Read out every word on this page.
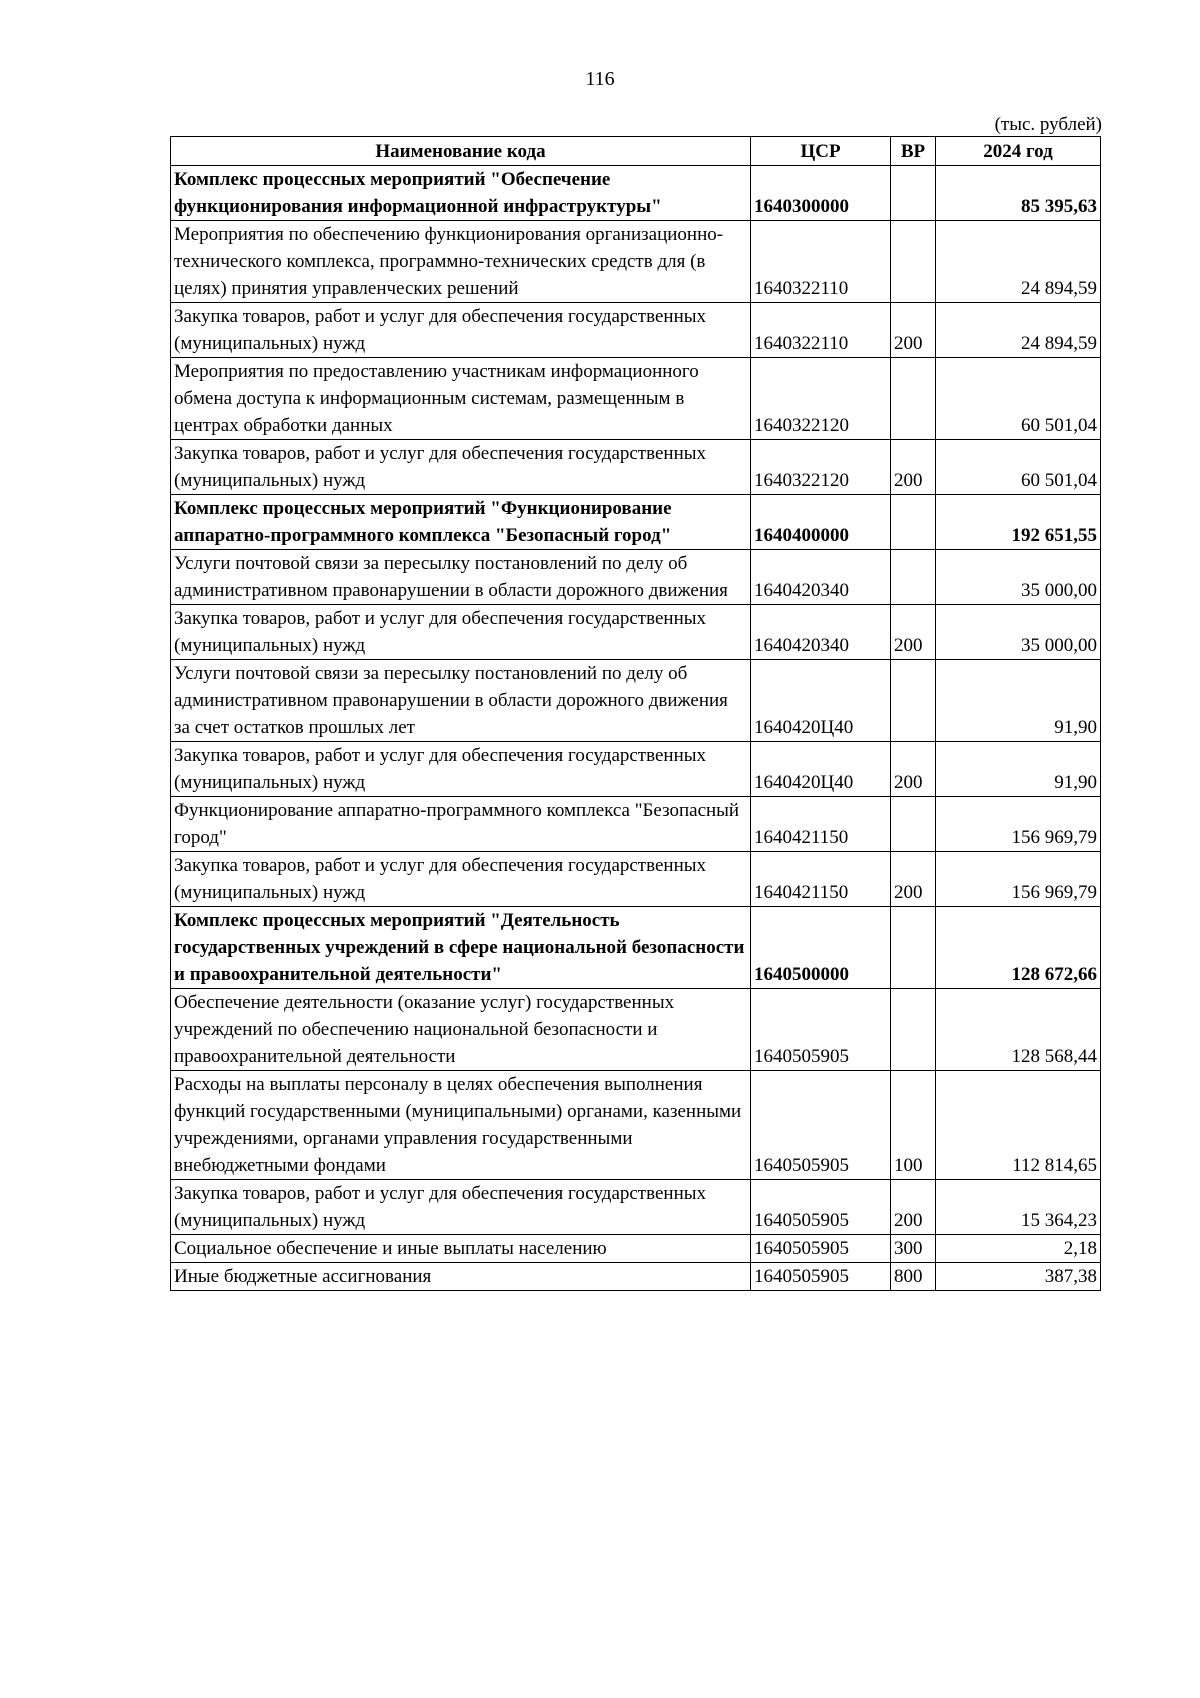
116
(тыс. рублей)
Наименование кода	ЦСР	ВР	2024 год
Комплекс процессных мероприятий "Обеспечение функционирования информационной инфраструктуры"	1640300000		85 395,63
Мероприятия по обеспечению функционирования организационно-технического комплекса, программно-технических средств для (в целях) принятия управленческих решений	1640322110		24 894,59
Закупка товаров, работ и услуг для обеспечения государственных (муниципальных) нужд	1640322110	200	24 894,59
Мероприятия по предоставлению участникам информационного обмена доступа к информационным системам, размещенным в центрах обработки данных	1640322120		60 501,04
Закупка товаров, работ и услуг для обеспечения государственных (муниципальных) нужд	1640322120	200	60 501,04
Комплекс процессных мероприятий "Функционирование аппаратно-программного комплекса "Безопасный город"	1640400000		192 651,55
Услуги почтовой связи за пересылку постановлений по делу об административном правонарушении в области дорожного движения	1640420340		35 000,00
Закупка товаров, работ и услуг для обеспечения государственных (муниципальных) нужд	1640420340	200	35 000,00
Услуги почтовой связи за пересылку постановлений по делу об административном правонарушении в области дорожного движения за счет остатков прошлых лет	1640420Ц40		91,90
Закупка товаров, работ и услуг для обеспечения государственных (муниципальных) нужд	1640420Ц40	200	91,90
Функционирование аппаратно-программного комплекса "Безопасный город"	1640421150		156 969,79
Закупка товаров, работ и услуг для обеспечения государственных (муниципальных) нужд	1640421150	200	156 969,79
Комплекс процессных мероприятий "Деятельность государственных учреждений в сфере национальной безопасности и правоохранительной деятельности"	1640500000		128 672,66
Обеспечение деятельности (оказание услуг) государственных учреждений по обеспечению национальной безопасности и правоохранительной деятельности	1640505905		128 568,44
Расходы на выплаты персоналу в целях обеспечения выполнения функций государственными (муниципальными) органами, казенными учреждениями, органами управления государственными внебюджетными фондами	1640505905	100	112 814,65
Закупка товаров, работ и услуг для обеспечения государственных (муниципальных) нужд	1640505905	200	15 364,23
Социальное обеспечение и иные выплаты населению	1640505905	300	2,18
Иные бюджетные ассигнования	1640505905	800	387,38
